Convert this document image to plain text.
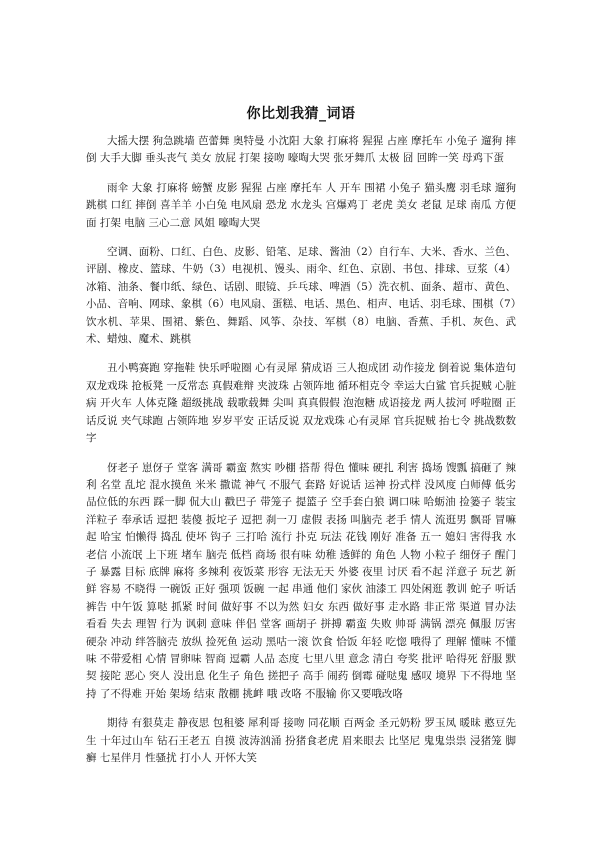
你比划我猜_词语

大摇大摆 狗急跳墙 芭蕾舞 奥特曼 小沈阳 大象 打麻将 猩猩 占座 摩托车 小兔子 遛狗 摔倒 大手大脚 垂头丧气 美女 放屁 打架 接吻 嚎啕大哭 张牙舞爪 太极 囧 回眸一笑 母鸡下蛋

雨伞 大象 打麻将 螃蟹 皮影 猩猩 占座 摩托车 人 开车 围裙 小兔子 猫头鹰 羽毛球 遛狗 跳棋 口红 摔倒 喜羊羊 小白兔 电风扇 恐龙 水龙头 宫爆鸡丁 老虎 美女 老鼠 足球 南瓜 方便面 打架 电脑 三心二意 风姐 嚎啕大哭

空调、面粉、口红、白色、皮影、铅笔、足球、酱油（2）自行车、大米、香水、兰色、评剧、橡皮、篮球、牛奶（3）电视机、馒头、雨伞、红色、京剧、书包、排球、豆浆（4）冰箱、油条、餐巾纸、绿色、话剧、眼镜、乒乓球、啤酒（5）洗衣机、面条、超市、黄色、小品、音响、网球、象棋（6）电风扇、蛋糕、电话、黑色、相声、电话、羽毛球、围棋（7）饮水机、苹果、围裙、紫色、舞蹈、风筝、杂技、军棋（8）电脑、香蕉、手机、灰色、武术、蜡烛、魔术、跳棋

丑小鸭赛跑 穿拖鞋 快乐呼啦圈 心有灵犀 猜成语 三人抱成团 动作接龙 倒着说 集体造句 双龙戏珠 抢板凳 一反常态 真假难辩 夹波珠 占领阵地 循环相克令 幸运大白鲨 官兵捉贼 心脏病 开火车 人体克隆 超级挑战 载歌载舞 尖叫 真真假假 泡泡糖 成语接龙 两人拔河 呼啦圈 正话反说 夹气球跑 占领阵地 岁岁平安 正话反说 双龙戏珠 心有灵犀 官兵捉贼 抬七令 挑战数数字

伢老子 崽伢子 堂客 满哥 霸蛮 熬实 吵棚 搭帮 得色 懂味 硬扎 利害 捣场 馊瓢 搞砸了 辣利 名堂 乱坨 混水摸鱼 米米 撒谎 神气 不服气 套路 好说话 运神 扮式样 没风度 白师傅 低劣 品位低的东西 踩一脚 侃大山 戳巴子 带笼子 提篮子 空手套白狼 调口味 哈蛎油 捡篓子 装宝 洋粒子 奉承话 逗把 装傻 扳坨子 逗把 刹一刀 虚假 表扬 叫脑壳 老手 情人 流逛男 飘哥 冒嘛起 哈宝 怕懒得 捣乱 使坏 钩子 三打哈 流行 扑克 玩法 花钱 刚好 准备 五一 媳妇 害得我 水老信 小流氓 上下班 堵车 脑壳 低档 商场 很有味 幼稚 透鲜的 角色 人物 小粒子 细伢子 醒门子 暴露 目标 底牌 麻将 多辣利 夜饭菜 形容 无法无天 外婆 夜里 讨厌 看不起 洋意子 玩艺 新鲜 容易 不晓得 一碗饭 正好 强项 饭碗 一起 串通 他们 家伙 油漆工 四处闲逛 教训 蛇子 听话 裤告 中午饭 算哒 抓紧 时间 做好事 不以为然 妇女 东西 做好事 走水路 非正常 渠道 冒办法 看看 失去 理智 行为 讽刺 意味 伴侣 堂客 画胡子 拼搏 霸蛮 失败 帅哥 满锅 漂亮 佩服 厉害 硬杂 冲动 绊答脑壳 放纵 捡死鱼 运动 黑咕一滚 饮食 恰饭 年轻 吃惚 哦得了 理解 懂味 不懂味 不带爱相 心情 冒卵味 智商 逗霸 人品 态度 七里八里 意念 清白 夸奖 批评 哈得死 舒服 默契 接陀 恶心 突人 没出息 化生子 角色 搓把子 高手 闹药 倒霉 碰哒鬼 感叹 境界 下不得地 坚持 了不得难 开始 架场 结束 散棚 挑衅 哦 改咯 不服输 你又要哦改咯

期待 有狠莫走 静夜思 包租婆 犀利哥 接吻 同花顺 百两金 圣元奶粉 罗玉凤 暖昧 憨豆先生 十年过山车 钻石王老五 自摸 波涛汹涌 扮猪食老虎 眉来眼去 比坚尼 鬼鬼祟祟 浸猪笼 脚癣 七星伴月 性骚扰 打小人 开怀大笑
